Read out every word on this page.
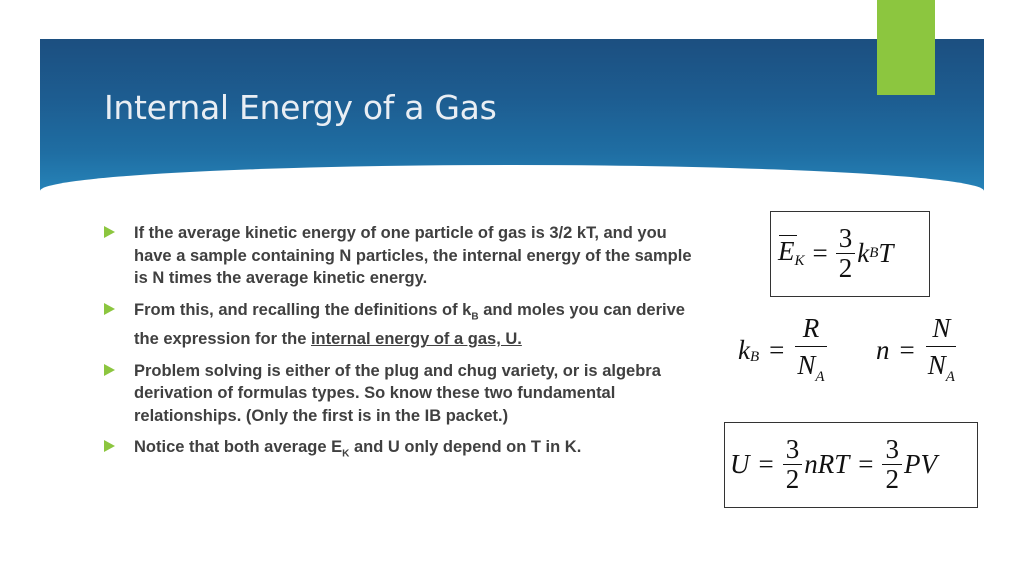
Internal Energy of a Gas
If the average kinetic energy of one particle of gas is 3/2 kT, and you have a sample containing N particles, the internal energy of the sample is N times the average kinetic energy.
From this, and recalling the definitions of $k_B$ and moles you can derive the expression for the internal energy of a gas, U.
Problem solving is either of the plug and chug variety, or is algebra derivation of formulas types. So know these two fundamental relationships. (Only the first is in the IB packet.)
Notice that both average $E_K$ and U only depend on T in K.
EK = $\frac{3}{2}$ k B T
k $B = \frac{R}{N_A}$ $n = \frac{N}{N_A}$
$U = \frac{3}{2}$ nRT = $\frac{3}{2}$ PV
